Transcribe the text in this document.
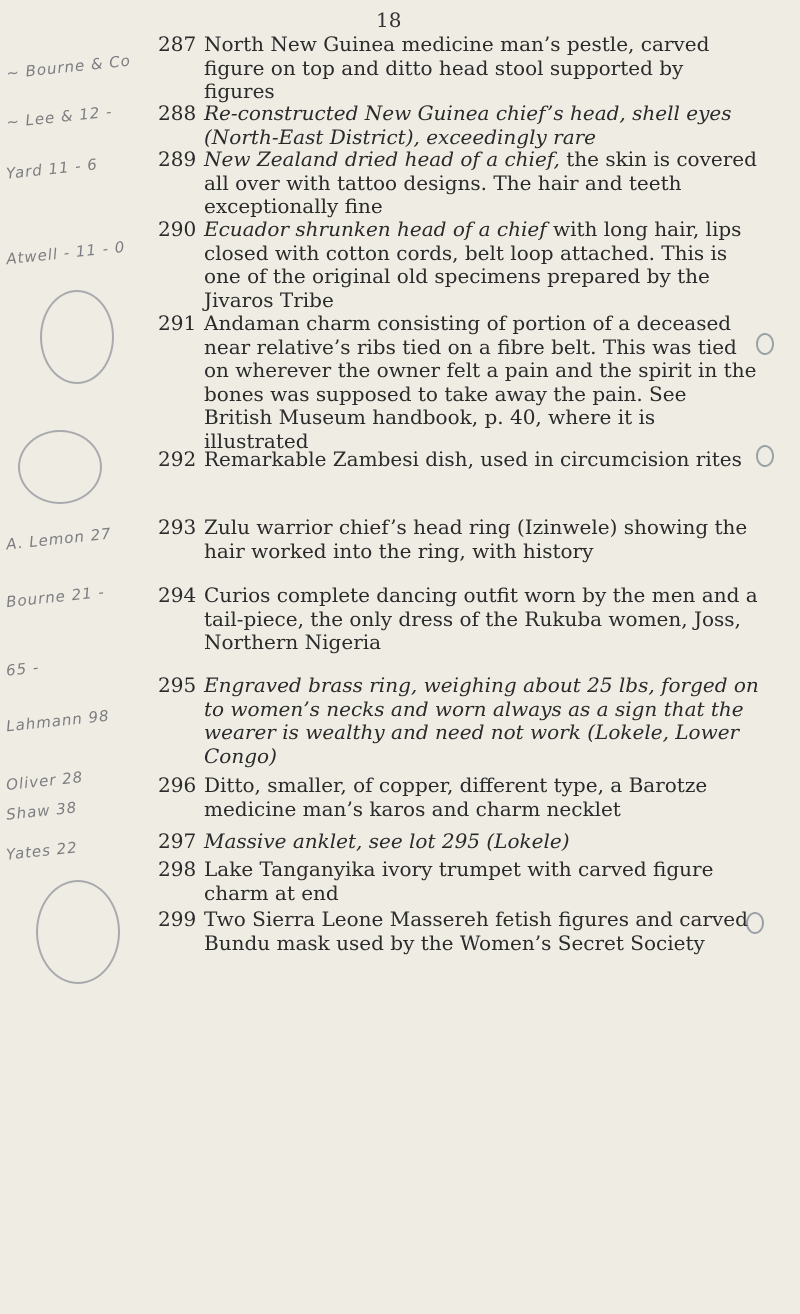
18
~ Bourne & Co
~ Lee & 12 -
Yard 11 - 6
Atwell - 11 - 0
A. Lemon 27
Bourne 21 -
65 -
Lahmann 98
Oliver 28
Shaw 38
Yates 22
287 North New Guinea medicine man’s pestle, carved figure on top and ditto head stool supported by figures
288 Re-constructed New Guinea chief’s head, shell eyes (North-East District), exceedingly rare
289 New Zealand dried head of a chief, the skin is covered all over with tattoo designs. The hair and teeth exceptionally fine
290 Ecuador shrunken head of a chief with long hair, lips closed with cotton cords, belt loop attached. This is one of the original old specimens prepared by the Jivaros Tribe
291 Andaman charm consisting of portion of a deceased near relative’s ribs tied on a fibre belt. This was tied on wherever the owner felt a pain and the spirit in the bones was supposed to take away the pain. See British Museum handbook, p. 40, where it is illustrated
292 Remarkable Zambesi dish, used in circumcision rites
293 Zulu warrior chief’s head ring (Izinwele) showing the hair worked into the ring, with history
294 Curios complete dancing outfit worn by the men and a tail-piece, the only dress of the Rukuba women, Joss, Northern Nigeria
295 Engraved brass ring, weighing about 25 lbs, forged on to women’s necks and worn always as a sign that the wearer is wealthy and need not work (Lokele, Lower Congo)
296 Ditto, smaller, of copper, different type, a Barotze medicine man’s karos and charm necklet
297 Massive anklet, see lot 295 (Lokele)
298 Lake Tanganyika ivory trumpet with carved figure charm at end
299 Two Sierra Leone Massereh fetish figures and carved Bundu mask used by the Women’s Secret Society
